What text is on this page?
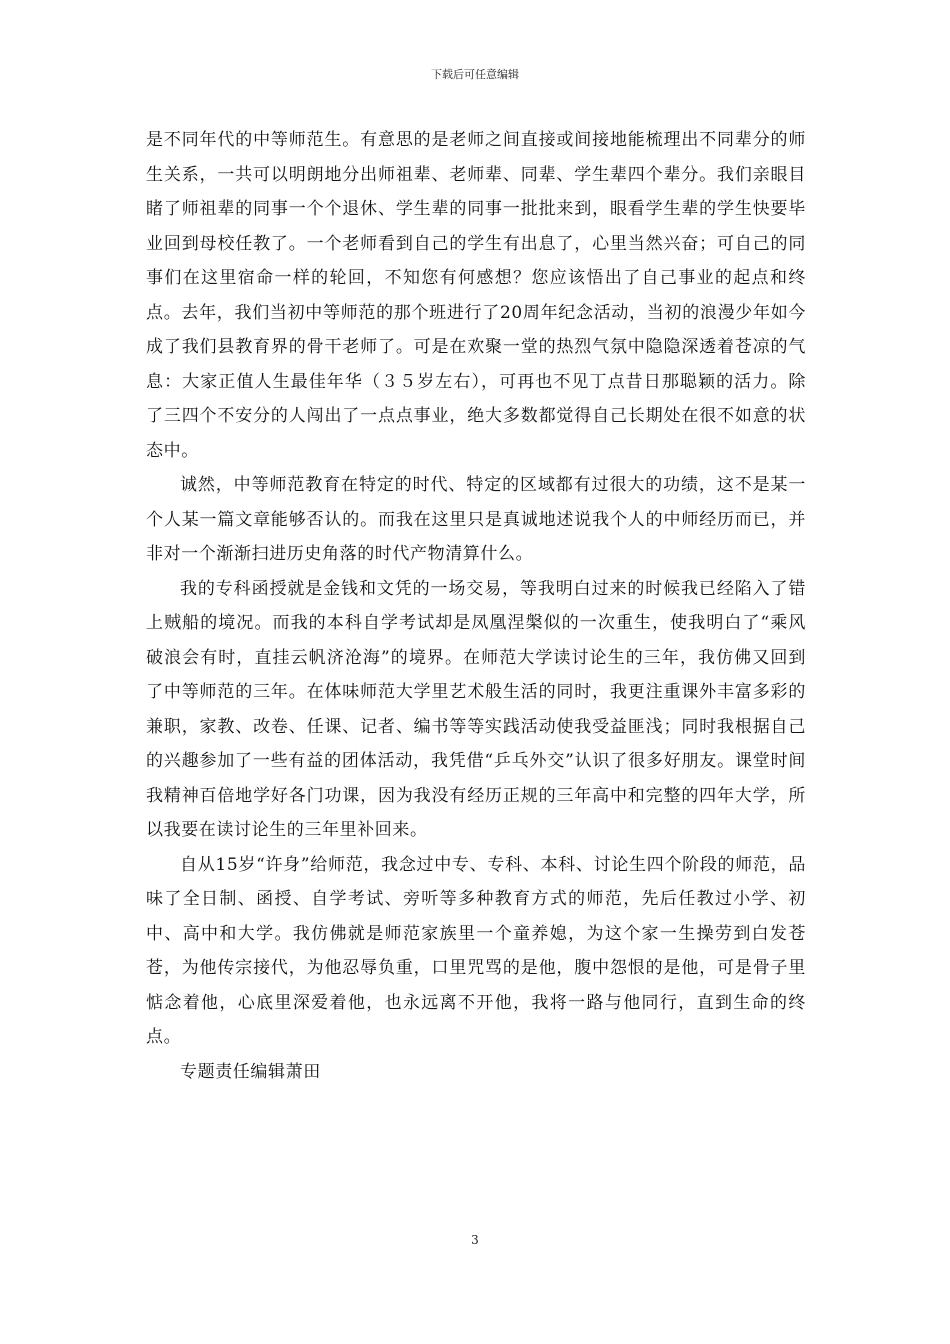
下载后可任意编辑

是不同年代的中等师范生。有意思的是老师之间直接或间接地能梳理出不同辈分的师生关系，一共可以明朗地分出师祖辈、老师辈、同辈、学生辈四个辈分。我们亲眼目睹了师祖辈的同事一个个退休、学生辈的同事一批批来到，眼看学生辈的学生快要毕业回到母校任教了。一个老师看到自己的学生有出息了，心里当然兴奋；可自己的同事们在这里宿命一样的轮回，不知您有何感想？您应该悟出了自己事业的起点和终点。去年，我们当初中等师范的那个班进行了20周年纪念活动，当初的浪漫少年如今成了我们县教育界的骨干老师了。可是在欢聚一堂的热烈气氛中隐隐深透着苍凉的气息：大家正值人生最佳年华（３５岁左右），可再也不见丁点昔日那聪颖的活力。除了三四个不安分的人闯出了一点点事业，绝大多数都觉得自己长期处在很不如意的状态中。

诚然，中等师范教育在特定的时代、特定的区域都有过很大的功绩，这不是某一个人某一篇文章能够否认的。而我在这里只是真诚地述说我个人的中师经历而已，并非对一个渐渐扫进历史角落的时代产物清算什么。

我的专科函授就是金钱和文凭的一场交易，等我明白过来的时候我已经陷入了错上贼船的境况。而我的本科自学考试却是凤凰涅槃似的一次重生，使我明白了“乘风破浪会有时，直挂云帆济沧海”的境界。在师范大学读讨论生的三年，我仿佛又回到了中等师范的三年。在体味师范大学里艺术般生活的同时，我更注重课外丰富多彩的兼职，家教、改卷、任课、记者、编书等等实践活动使我受益匪浅；同时我根据自己的兴趣参加了一些有益的团体活动，我凭借“乒乓外交”认识了很多好朋友。课堂时间我精神百倍地学好各门功课，因为我没有经历正规的三年高中和完整的四年大学，所以我要在读讨论生的三年里补回来。

自从15岁“许身”给师范，我念过中专、专科、本科、讨论生四个阶段的师范，品味了全日制、函授、自学考试、旁听等多种教育方式的师范，先后任教过小学、初中、高中和大学。我仿佛就是师范家族里一个童养媳，为这个家一生操劳到白发苍苍，为他传宗接代，为他忍辱负重，口里咒骂的是他，腹中怨恨的是他，可是骨子里惦念着他，心底里深爱着他，也永远离不开他，我将一路与他同行，直到生命的终点。

专题责任编辑萧田

3
